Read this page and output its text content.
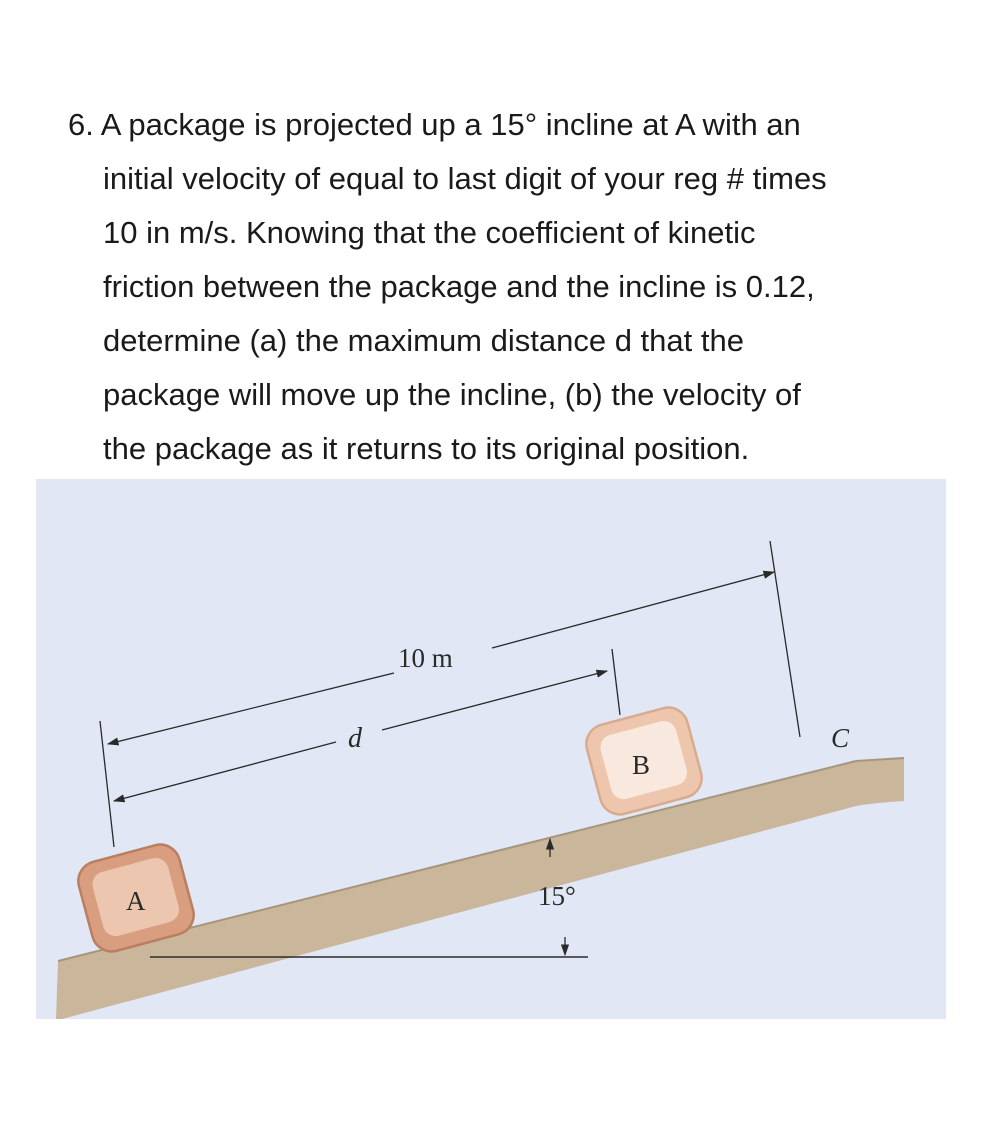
6. A package is projected up a 15° incline at A with an
initial velocity of equal to last digit of your reg # times
10 in m/s. Knowing that the coefficient of kinetic
friction between the package and the incline is 0.12,
determine (a) the maximum distance d that the
package will move up the incline, (b) the velocity of
the package as it returns to its original position.
15°
10 m
d
A
B
C
